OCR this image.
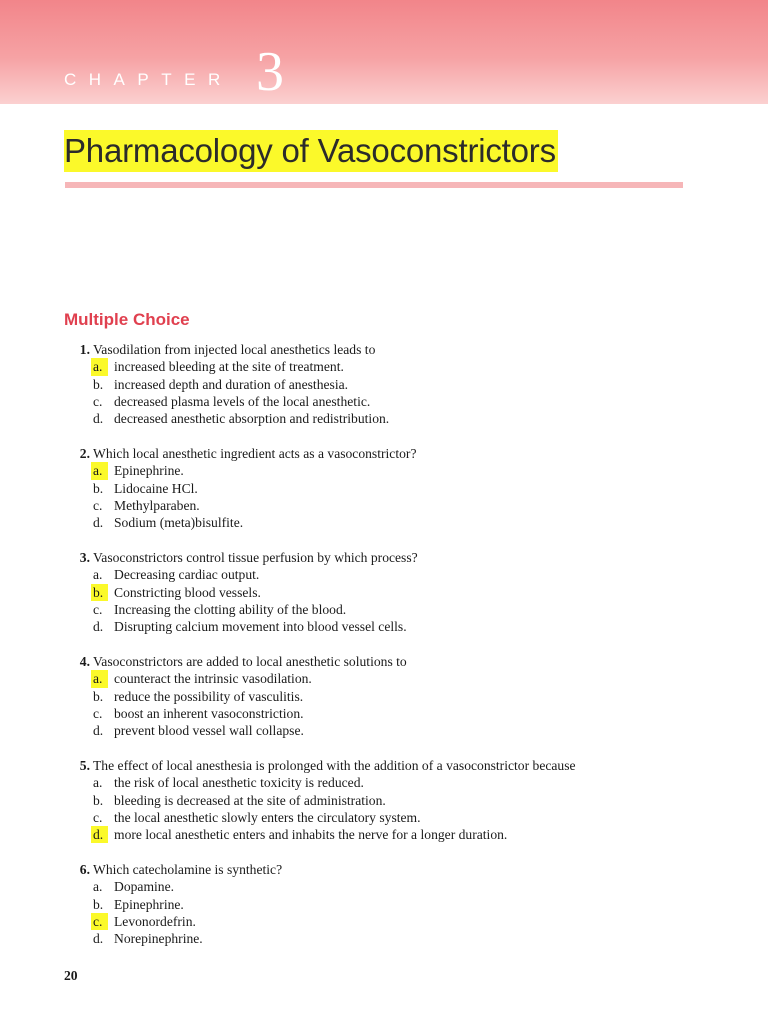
CHAPTER 3
Pharmacology of Vasoconstrictors
Multiple Choice
1. Vasodilation from injected local anesthetics leads to
a. increased bleeding at the site of treatment.
b. increased depth and duration of anesthesia.
c. decreased plasma levels of the local anesthetic.
d. decreased anesthetic absorption and redistribution.
2. Which local anesthetic ingredient acts as a vasoconstrictor?
a. Epinephrine.
b. Lidocaine HCl.
c. Methylparaben.
d. Sodium (meta)bisulfite.
3. Vasoconstrictors control tissue perfusion by which process?
a. Decreasing cardiac output.
b. Constricting blood vessels.
c. Increasing the clotting ability of the blood.
d. Disrupting calcium movement into blood vessel cells.
4. Vasoconstrictors are added to local anesthetic solutions to
a. counteract the intrinsic vasodilation.
b. reduce the possibility of vasculitis.
c. boost an inherent vasoconstriction.
d. prevent blood vessel wall collapse.
5. The effect of local anesthesia is prolonged with the addition of a vasoconstrictor because
a. the risk of local anesthetic toxicity is reduced.
b. bleeding is decreased at the site of administration.
c. the local anesthetic slowly enters the circulatory system.
d. more local anesthetic enters and inhabits the nerve for a longer duration.
6. Which catecholamine is synthetic?
a. Dopamine.
b. Epinephrine.
c. Levonordefrin.
d. Norepinephrine.
20
